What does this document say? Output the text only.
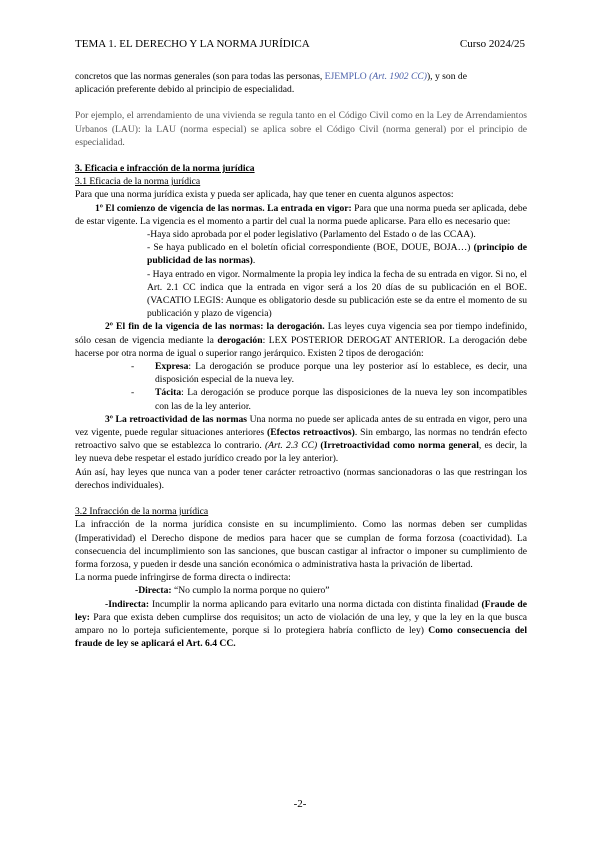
TEMA 1. EL DERECHO Y LA NORMA JURÍDICA	Curso 2024/25

concretos que las normas generales (son para todas las personas, EJEMPLO (Art. 1902 CC)), y son de
aplicación preferente debido al principio de especialidad.

Por ejemplo, el arrendamiento de una vivienda se regula tanto en el Código Civil como en la Ley de Arrendamientos Urbanos (LAU): la LAU (norma especial) se aplica sobre el Código Civil (norma general) por el principio de especialidad.

3. Eficacia e infracción de la norma jurídica

3.1 Eficacia de la norma jurídica

Para que una norma jurídica exista y pueda ser aplicada, hay que tener en cuenta algunos aspectos:

1º El comienzo de vigencia de las normas. La entrada en vigor: Para que una norma pueda ser aplicada, debe de estar vigente. La vigencia es el momento a partir del cual la norma puede aplicarse. Para ello es necesario que:

-Haya sido aprobada por el poder legislativo (Parlamento del Estado o de las CCAA).

- Se haya publicado en el boletín oficial correspondiente (BOE, DOUE, BOJA…) (principio de publicidad de las normas).

- Haya entrado en vigor. Normalmente la propia ley indica la fecha de su entrada en vigor. Si no, el Art. 2.1 CC indica que la entrada en vigor será a los 20 días de su publicación en el BOE. (VACATIO LEGIS: Aunque es obligatorio desde su publicación este se da entre el momento de su publicación y plazo de vigencia)

2º El fin de la vigencia de las normas: la derogación. Las leyes cuya vigencia sea por tiempo indefinido, sólo cesan de vigencia mediante la derogación: LEX POSTERIOR DEROGAT ANTERIOR. La derogación debe hacerse por otra norma de igual o superior rango jerárquico. Existen 2 tipos de derogación:

- Expresa: La derogación se produce porque una ley posterior así lo establece, es decir, una disposición especial de la nueva ley.
- Tácita: La derogación se produce porque las disposiciones de la nueva ley son incompatibles con las de la ley anterior.

3º La retroactividad de las normas Una norma no puede ser aplicada antes de su entrada en vigor, pero una vez vigente, puede regular situaciones anteriores (Efectos retroactivos). Sin embargo, las normas no tendrán efecto retroactivo salvo que se establezca lo contrario. (Art. 2.3 CC) (Irretroactividad como norma general, es decir, la ley nueva debe respetar el estado jurídico creado por la ley anterior).

Aún así, hay leyes que nunca van a poder tener carácter retroactivo (normas sancionadoras o las que restringan los derechos individuales).

3.2 Infracción de la norma jurídica

La infracción de la norma jurídica consiste en su incumplimiento. Como las normas deben ser cumplidas (Imperatividad) el Derecho dispone de medios para hacer que se cumplan de forma forzosa (coactividad). La consecuencia del incumplimiento son las sanciones, que buscan castigar al infractor o imponer su cumplimiento de forma forzosa, y pueden ir desde una sanción económica o administrativa hasta la privación de libertad.

La norma puede infringirse de forma directa o indirecta:

-Directa: “No cumplo la norma porque no quiero”

-Indirecta: Incumplir la norma aplicando para evitarlo una norma dictada con distinta finalidad (Fraude de ley: Para que exista deben cumplirse dos requisitos; un acto de violación de una ley, y que la ley en la que busca amparo no lo porteja suficientemente, porque si lo protegiera habría conflicto de ley) Como consecuencia del fraude de ley se aplicará el Art. 6.4 CC.

-2-
